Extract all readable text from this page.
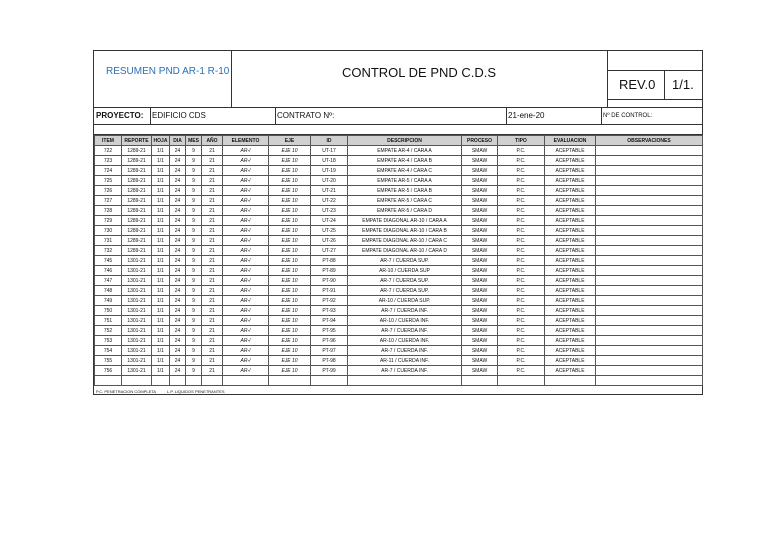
RESUMEN PND AR-1 R-10	CONTROL DE PND C.D.S
REV.0 1/1.
PROYECTO: EDIFICIO CDS	CONTRATO Nº:	21-ene-20	Nº DE CONTROL:
ITEM	REPORTE	HOJA	DIA	MES	AÑO	ELEMENTO	EJE	ID	DESCRIPCION	PROCESO	TIPO	EVALUACION	OBSERVACIONES
722	1289-21	1/1	24	9	21	AR-/	EJE 10	UT-17	EMPATE AR-4 / CARA A	SMAW	P.C.	ACEPTABLE	
723	1289-21	1/1	24	9	21	AR-/	EJE 10	UT-18	EMPATE AR-4 / CARA B	SMAW	P.C.	ACEPTABLE	
724	1289-21	1/1	24	9	21	AR-/	EJE 10	UT-19	EMPATE AR-4 / CARA C	SMAW	P.C.	ACEPTABLE	
725	1289-21	1/1	24	9	21	AR-/	EJE 10	UT-20	EMPATE AR-5 / CARA A	SMAW	P.C.	ACEPTABLE	
726	1289-21	1/1	24	9	21	AR-/	EJE 10	UT-21	EMPATE AR-5 / CARA B	SMAW	P.C.	ACEPTABLE	
727	1289-21	1/1	24	9	21	AR-/	EJE 10	UT-22	EMPATE AR-5 / CARA C	SMAW	P.C.	ACEPTABLE	
728	1289-21	1/1	24	9	21	AR-/	EJE 10	UT-23	EMPATE AR-5 / CARA D	SMAW	P.C.	ACEPTABLE	
729	1289-21	1/1	24	9	21	AR-/	EJE 10	UT-24	EMPATE DIAGONAL AR-10 / CARA A	SMAW	P.C.	ACEPTABLE	
730	1289-21	1/1	24	9	21	AR-/	EJE 10	UT-25	EMPATE DIAGONAL AR-10 / CARA B	SMAW	P.C.	ACEPTABLE	
731	1289-21	1/1	24	9	21	AR-/	EJE 10	UT-26	EMPATE DIAGONAL AR-10 / CARA C	SMAW	P.C.	ACEPTABLE	
732	1289-21	1/1	24	9	21	AR-/	EJE 10	UT-27	EMPATE DIAGONAL AR-10 / CARA D	SMAW	P.C.	ACEPTABLE	
745	1301-21	1/1	24	9	21	AR-/	EJE 10	PT-88	AR-7 / CUERDA SUP.	SMAW	P.C.	ACEPTABLE	
746	1301-21	1/1	24	9	21	AR-/	EJE 10	PT-89	AR-10 / CUERDA SUP	SMAW	P.C.	ACEPTABLE	
747	1301-21	1/1	24	9	21	AR-/	EJE 10	PT-90	AR-7 / CUERDA SUP.	SMAW	P.C.	ACEPTABLE	
748	1301-21	1/1	24	9	21	AR-/	EJE 10	PT-91	AR-7 / CUERDA SUP.	SMAW	P.C.	ACEPTABLE	
749	1301-21	1/1	24	9	21	AR-/	EJE 10	PT-92	AR-10 / CUERDA SUP.	SMAW	P.C.	ACEPTABLE	
750	1301-21	1/1	24	9	21	AR-/	EJE 10	PT-93	AR-7 / CUERDA INF.	SMAW	P.C.	ACEPTABLE	
751	1301-21	1/1	24	9	21	AR-/	EJE 10	PT-94	AR-10 / CUERDA INF.	SMAW	P.C.	ACEPTABLE	
752	1301-21	1/1	24	9	21	AR-/	EJE 10	PT-95	AR-7 / CUERDA INF.	SMAW	P.C.	ACEPTABLE	
753	1301-21	1/1	24	9	21	AR-/	EJE 10	PT-96	AR-10 / CUERDA INF.	SMAW	P.C.	ACEPTABLE	
754	1301-21	1/1	24	9	21	AR-/	EJE 10	PT-97	AR-7 / CUERDA INF.	SMAW	P.C.	ACEPTABLE	
755	1301-21	1/1	24	9	21	AR-/	EJE 10	PT-98	AR-11 / CUERDA INF.	SMAW	P.C.	ACEPTABLE	
756	1301-21	1/1	24	9	21	AR-/	EJE 10	PT-99	AR-7 / CUERDA INF.	SMAW	P.C.	ACEPTABLE	

P.C. PENETRACION COMPLETA	L.P. LIQUIDOS PENETRANTES
